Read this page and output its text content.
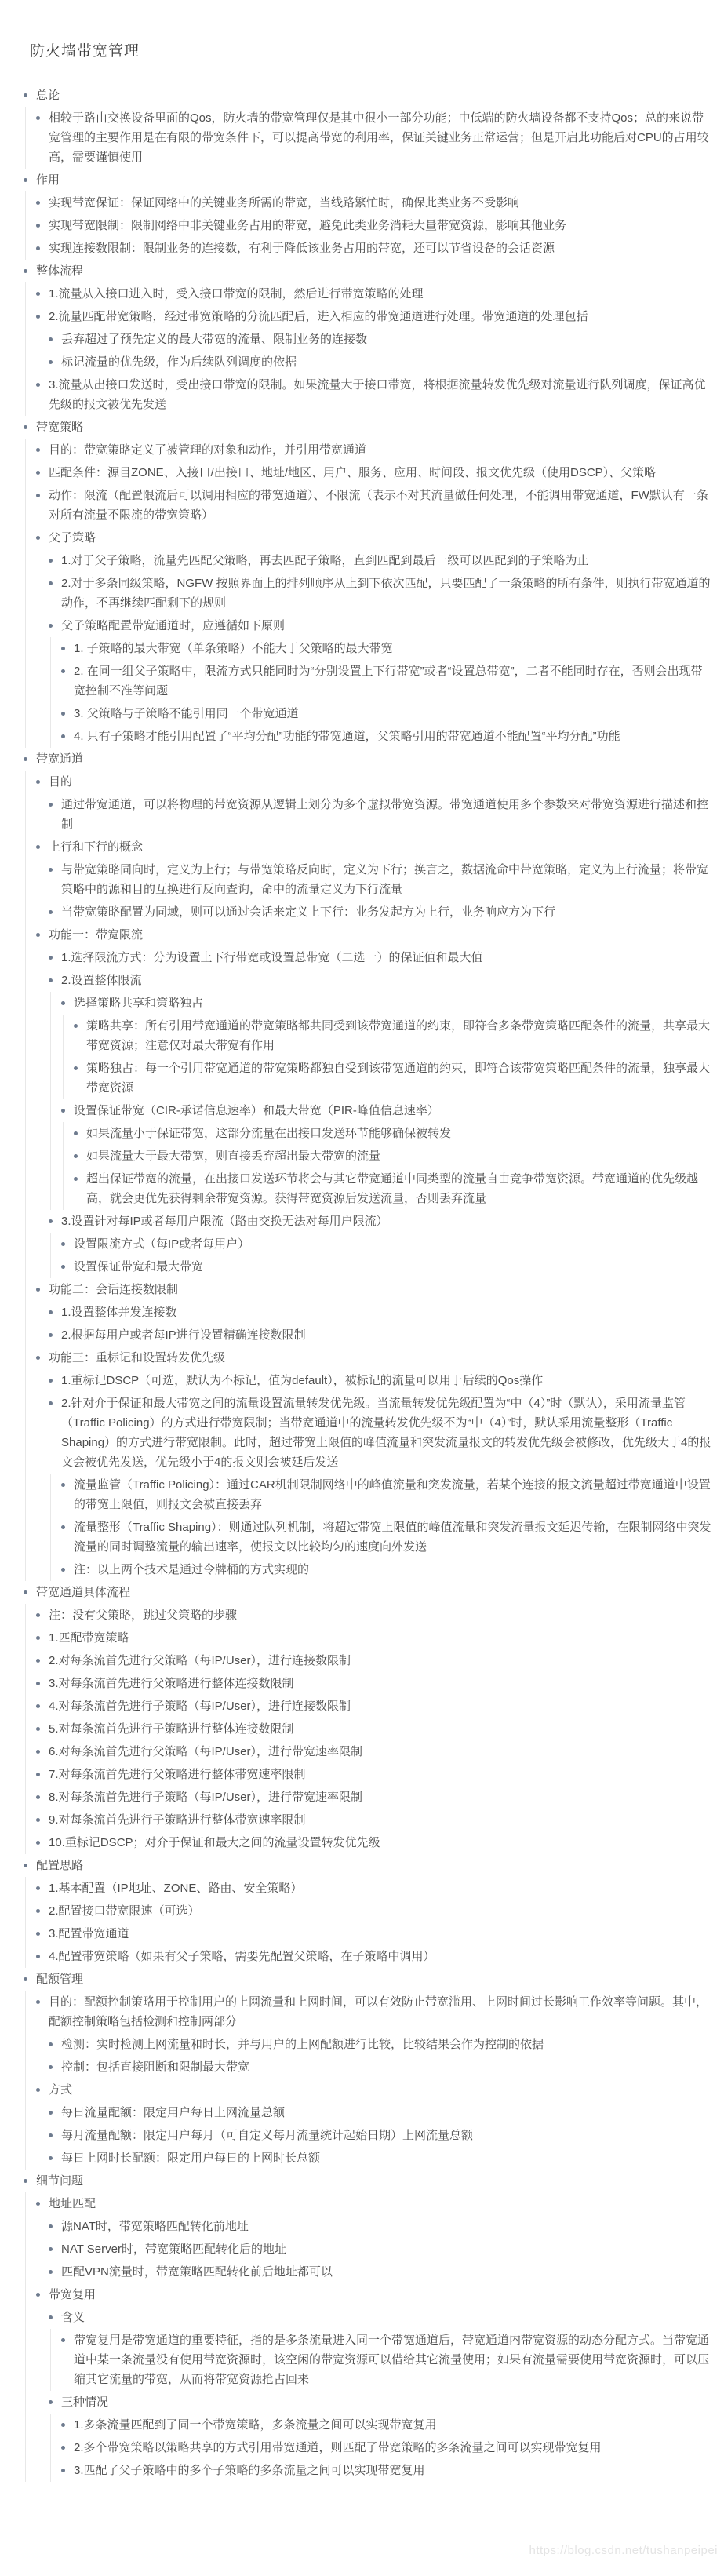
防火墙带宽管理
总论
相较于路由交换设备里面的Qos，防火墙的带宽管理仅是其中很小一部分功能；中低端的防火墙设备都不支持Qos；总的来说带宽管理的主要作用是在有限的带宽条件下，可以提高带宽的利用率，保证关键业务正常运营；但是开启此功能后对CPU的占用较高，需要谨慎使用
作用
实现带宽保证：保证网络中的关键业务所需的带宽，当线路繁忙时，确保此类业务不受影响
实现带宽限制：限制网络中非关键业务占用的带宽，避免此类业务消耗大量带宽资源，影响其他业务
实现连接数限制：限制业务的连接数，有利于降低该业务占用的带宽，还可以节省设备的会话资源
整体流程
1.流量从入接口进入时，受入接口带宽的限制，然后进行带宽策略的处理
2.流量匹配带宽策略，经过带宽策略的分流匹配后，进入相应的带宽通道进行处理。带宽通道的处理包括
丢弃超过了预先定义的最大带宽的流量、限制业务的连接数
标记流量的优先级，作为后续队列调度的依据
3.流量从出接口发送时，受出接口带宽的限制。如果流量大于接口带宽，将根据流量转发优先级对流量进行队列调度，保证高优先级的报文被优先发送
带宽策略
目的：带宽策略定义了被管理的对象和动作，并引用带宽通道
匹配条件：源目ZONE、入接口/出接口、地址/地区、用户、服务、应用、时间段、报文优先级（使用DSCP）、父策略
动作：限流（配置限流后可以调用相应的带宽通道）、不限流（表示不对其流量做任何处理，不能调用带宽通道，FW默认有一条对所有流量不限流的带宽策略）
父子策略
1.对于父子策略，流量先匹配父策略，再去匹配子策略，直到匹配到最后一级可以匹配到的子策略为止
2.对于多条同级策略，NGFW 按照界面上的排列顺序从上到下依次匹配，只要匹配了一条策略的所有条件，则执行带宽通道的动作，不再继续匹配剩下的规则
父子策略配置带宽通道时，应遵循如下原则
1. 子策略的最大带宽（单条策略）不能大于父策略的最大带宽
2. 在同一组父子策略中，限流方式只能同时为“分别设置上下行带宽”或者“设置总带宽”，二者不能同时存在，否则会出现带宽控制不准等问题
3. 父策略与子策略不能引用同一个带宽通道
4. 只有子策略才能引用配置了“平均分配”功能的带宽通道，父策略引用的带宽通道不能配置“平均分配”功能
带宽通道
目的
通过带宽通道，可以将物理的带宽资源从逻辑上划分为多个虚拟带宽资源。带宽通道使用多个参数来对带宽资源进行描述和控制
上行和下行的概念
与带宽策略同向时，定义为上行；与带宽策略反向时，定义为下行；换言之，数据流命中带宽策略，定义为上行流量；将带宽策略中的源和目的互换进行反向查询，命中的流量定义为下行流量
当带宽策略配置为同域，则可以通过会话来定义上下行：业务发起方为上行，业务响应方为下行
功能一：带宽限流
1.选择限流方式：分为设置上下行带宽或设置总带宽（二选一）的保证值和最大值
2.设置整体限流
选择策略共享和策略独占
策略共享：所有引用带宽通道的带宽策略都共同受到该带宽通道的约束，即符合多条带宽策略匹配条件的流量，共享最大带宽资源；注意仅对最大带宽有作用
策略独占：每一个引用带宽通道的带宽策略都独自受到该带宽通道的约束，即符合该带宽策略匹配条件的流量，独享最大带宽资源
设置保证带宽（CIR-承诺信息速率）和最大带宽（PIR-峰值信息速率）
如果流量小于保证带宽，这部分流量在出接口发送环节能够确保被转发
如果流量大于最大带宽，则直接丢弃超出最大带宽的流量
超出保证带宽的流量，在出接口发送环节将会与其它带宽通道中同类型的流量自由竞争带宽资源。带宽通道的优先级越高，就会更优先获得剩余带宽资源。获得带宽资源后发送流量，否则丢弃流量
3.设置针对每IP或者每用户限流（路由交换无法对每用户限流）
设置限流方式（每IP或者每用户）
设置保证带宽和最大带宽
功能二：会话连接数限制
1.设置整体并发连接数
2.根据每用户或者每IP进行设置精确连接数限制
功能三：重标记和设置转发优先级
1.重标记DSCP（可选，默认为不标记，值为default），被标记的流量可以用于后续的Qos操作
2.针对介于保证和最大带宽之间的流量设置流量转发优先级。当流量转发优先级配置为“中（4）”时（默认），采用流量监管（Traffic Policing）的方式进行带宽限制；当带宽通道中的流量转发优先级不为“中（4）”时，默认采用流量整形（Traffic Shaping）的方式进行带宽限制。此时，超过带宽上限值的峰值流量和突发流量报文的转发优先级会被修改，优先级大于4的报文会被优先发送，优先级小于4的报文则会被延后发送
流量监管（Traffic Policing）：通过CAR机制限制网络中的峰值流量和突发流量，若某个连接的报文流量超过带宽通道中设置的带宽上限值，则报文会被直接丢弃
流量整形（Traffic Shaping）：则通过队列机制，将超过带宽上限值的峰值流量和突发流量报文延迟传输，在限制网络中突发流量的同时调整流量的输出速率，使报文以比较均匀的速度向外发送
注：以上两个技术是通过令牌桶的方式实现的
带宽通道具体流程
注：没有父策略，跳过父策略的步骤
1.匹配带宽策略
2.对每条流首先进行父策略（每IP/User），进行连接数限制
3.对每条流首先进行父策略进行整体连接数限制
4.对每条流首先进行子策略（每IP/User），进行连接数限制
5.对每条流首先进行子策略进行整体连接数限制
6.对每条流首先进行父策略（每IP/User），进行带宽速率限制
7.对每条流首先进行父策略进行整体带宽速率限制
8.对每条流首先进行子策略（每IP/User），进行带宽速率限制
9.对每条流首先进行子策略进行整体带宽速率限制
10.重标记DSCP；对介于保证和最大之间的流量设置转发优先级
配置思路
1.基本配置（IP地址、ZONE、路由、安全策略）
2.配置接口带宽限速（可选）
3.配置带宽通道
4.配置带宽策略（如果有父子策略，需要先配置父策略，在子策略中调用）
配额管理
目的：配额控制策略用于控制用户的上网流量和上网时间，可以有效防止带宽滥用、上网时间过长影响工作效率等问题。其中，配额控制策略包括检测和控制两部分
检测：实时检测上网流量和时长，并与用户的上网配额进行比较，比较结果会作为控制的依据
控制：包括直接阻断和限制最大带宽
方式
每日流量配额：限定用户每日上网流量总额
每月流量配额：限定用户每月（可自定义每月流量统计起始日期）上网流量总额
每日上网时长配额：限定用户每日的上网时长总额
细节问题
地址匹配
源NAT时，带宽策略匹配转化前地址
NAT Server时，带宽策略匹配转化后的地址
匹配VPN流量时，带宽策略匹配转化前后地址都可以
带宽复用
含义
带宽复用是带宽通道的重要特征，指的是多条流量进入同一个带宽通道后，带宽通道内带宽资源的动态分配方式。当带宽通道中某一条流量没有使用带宽资源时，该空闲的带宽资源可以借给其它流量使用；如果有流量需要使用带宽资源时，可以压缩其它流量的带宽，从而将带宽资源抢占回来
三种情况
1.多条流量匹配到了同一个带宽策略，多条流量之间可以实现带宽复用
2.多个带宽策略以策略共享的方式引用带宽通道，则匹配了带宽策略的多条流量之间可以实现带宽复用
3.匹配了父子策略中的多个子策略的多条流量之间可以实现带宽复用
https://blog.csdn.net/tushanpeipei
